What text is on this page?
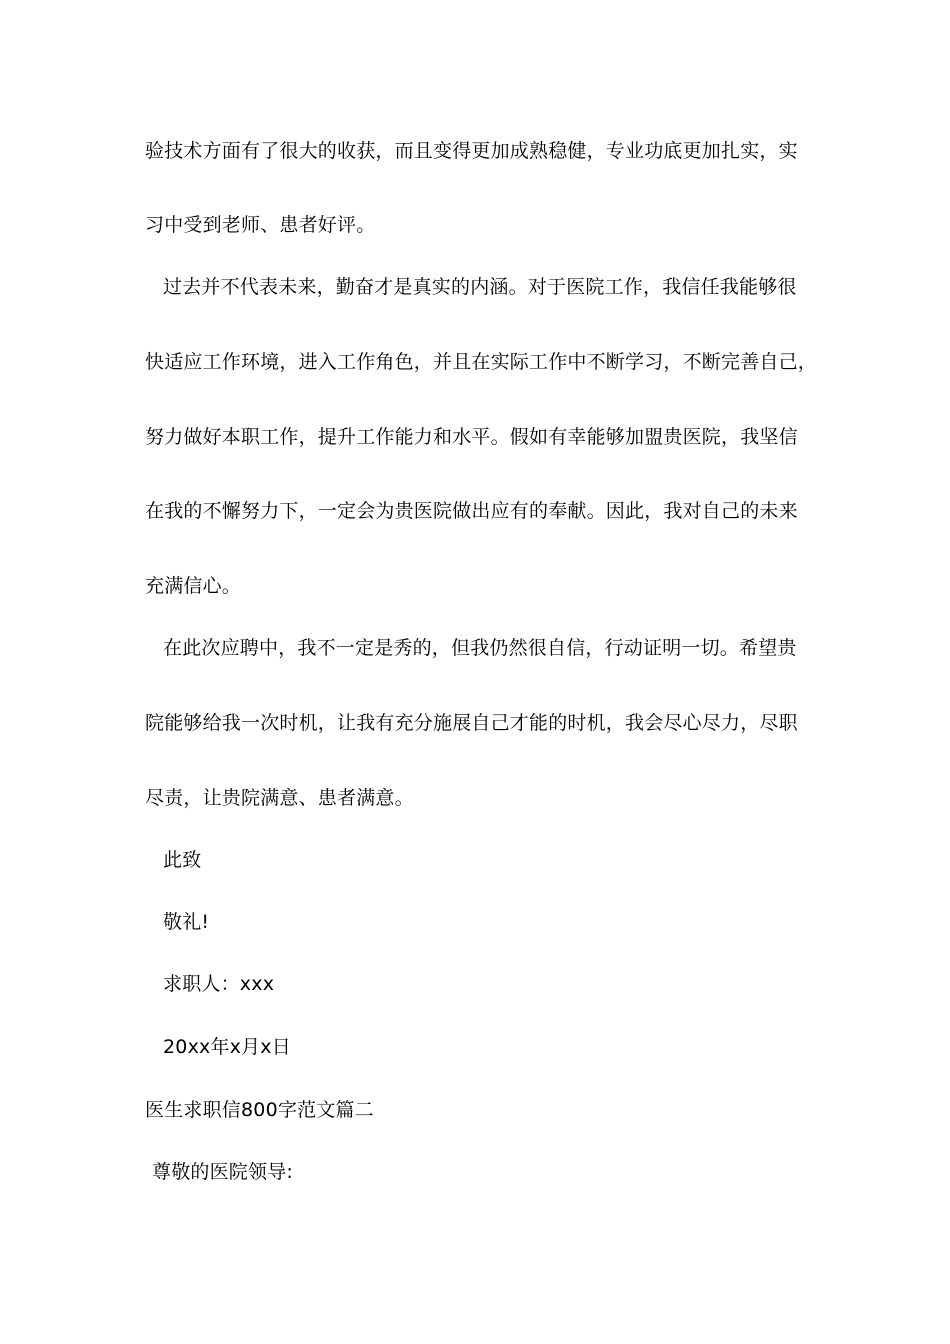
验技术方面有了很大的收获，而且变得更加成熟稳健，专业功底更加扎实，实
习中受到老师、患者好评。
过去并不代表未来，勤奋才是真实的内涵。对于医院工作，我信任我能够很
快适应工作环境，进入工作角色，并且在实际工作中不断学习，不断完善自己，
努力做好本职工作，提升工作能力和水平。假如有幸能够加盟贵医院，我坚信
在我的不懈努力下，一定会为贵医院做出应有的奉献。因此，我对自己的未来
充满信心。
在此次应聘中，我不一定是秀的，但我仍然很自信，行动证明一切。希望贵
院能够给我一次时机，让我有充分施展自己才能的时机，我会尽心尽力，尽职
尽责，让贵院满意、患者满意。
此致
敬礼!
求职人：xxx
20xx年x月x日
医生求职信800字范文篇二
尊敬的医院领导:
